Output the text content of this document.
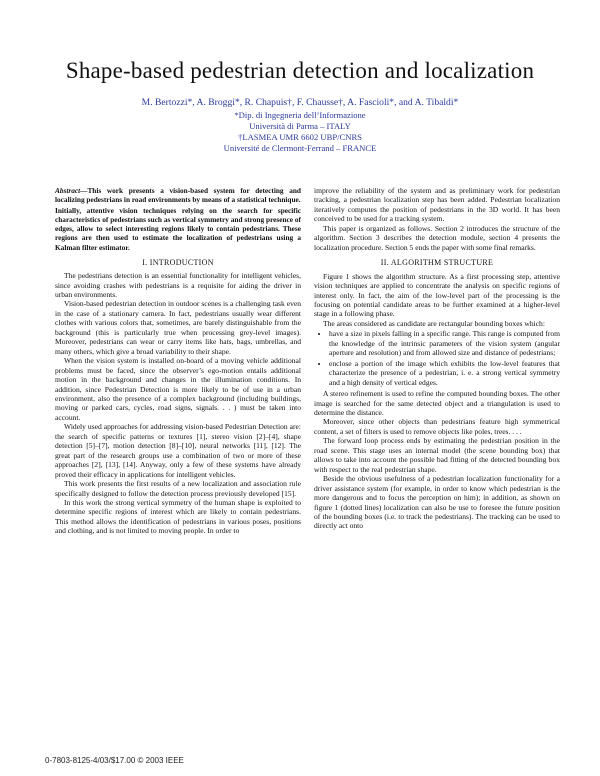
Shape-based pedestrian detection and localization
M. Bertozzi*, A. Broggi*, R. Chapuis†, F. Chausse†, A. Fascioli*, and A. Tibaldi*
*Dip. di Ingegneria dell’Informazione
Università di Parma – ITALY
†LASMEA UMR 6602 UBP/CNRS
Université de Clermont-Ferrand – FRANCE
Abstract—This work presents a vision-based system for detecting and localizing pedestrians in road environments by means of a statistical technique.
Initially, attentive vision techniques relying on the search for specific characteristics of pedestrians such as vertical symmetry and strong presence of edges, allow to select interesting regions likely to contain pedestrians. These regions are then used to estimate the localization of pedestrians using a Kalman filter estimator.
I. INTRODUCTION

The pedestrians detection is an essential functionality for intelligent vehicles, since avoiding crashes with pedestrians is a requisite for aiding the driver in urban environments.

Vision-based pedestrian detection in outdoor scenes is a challenging task even in the case of a stationary camera. In fact, pedestrians usually wear different clothes with various colors that, sometimes, are barely distinguishable from the background (this is particularly true when processing grey-level images). Moreover, pedestrians can wear or carry items like hats, bags, umbrellas, and many others, which give a broad variability to their shape.

When the vision system is installed on-board of a moving vehicle additional problems must be faced, since the observer’s ego-motion entails additional motion in the background and changes in the illumination conditions. In addition, since Pedestrian Detection is more likely to be of use in a urban environment, also the presence of a complex background (including buildings, moving or parked cars, cycles, road signs, signals. . . ) must be taken into account.

Widely used approaches for addressing vision-based Pedestrian Detection are: the search of specific patterns or textures [1], stereo vision [2]–[4], shape detection [5]–[7], motion detection [8]–[10], neural networks [11], [12]. The great part of the research groups use a combination of two or more of these approaches [2], [13], [14]. Anyway, only a few of these systems have already proved their efficacy in applications for intelligent vehicles.

This work presents the first results of a new localization and association rule specifically designed to follow the detection process previously developed [15].

In this work the strong vertical symmetry of the human shape is exploited to determine specific regions of interest which are likely to contain pedestrians. This method allows the identification of pedestrians in various poses, positions and clothing, and is not limited to moving people. In order to

improve the reliability of the system and as preliminary work for pedestrian tracking, a pedestrian localization step has been added. Pedestrian localization iteratively computes the position of pedestrians in the 3D world. It has been conceived to be used for a tracking system.

This paper is organized as follows. Section 2 introduces the structure of the algorithm. Section 3 describes the detection module, section 4 presents the localization procedure. Section 5 ends the paper with some final remarks.

II. ALGORITHM STRUCTURE

Figure 1 shows the algorithm structure. As a first processing step, attentive vision techniques are applied to concentrate the analysis on specific regions of interest only. In fact, the aim of the low-level part of the processing is the focusing on potential candidate areas to be further examined at a higher-level stage in a following phase.

The areas considered as candidate are rectangular bounding boxes which:

• have a size in pixels falling in a specific range. This range is computed from the knowledge of the intrinsic parameters of the vision system (angular aperture and resolution) and from allowed size and distance of pedestrians;
• enclose a portion of the image which exhibits the low-level features that characterize the presence of a pedestrian, i. e. a strong vertical symmetry and a high density of vertical edges.

A stereo refinement is used to refine the computed bounding boxes. The other image is searched for the same detected object and a triangulation is used to determine the distance.

Moreover, since other objects than pedestrians feature high symmetrical content, a set of filters is used to remove objects like poles, trees. . . .

The forward loop process ends by estimating the pedestrian position in the road scene. This stage uses an internal model (the scene bounding box) that allows to take into account the possible bad fitting of the detected bounding box with respect to the real pedestrian shape.

Beside the obvious usefulness of a pedestrian localization functionality for a driver assistance system (for example, in order to know which pedestrian is the more dangerous and to focus the perception on him); in addition, as shown on figure 1 (dotted lines) localization can also be use to foresee the future position of the bounding boxes (i.e. to track the pedestrians). The tracking can be used to directly act onto

0-7803-8125-4/03/$17.00 © 2003 IEEE
